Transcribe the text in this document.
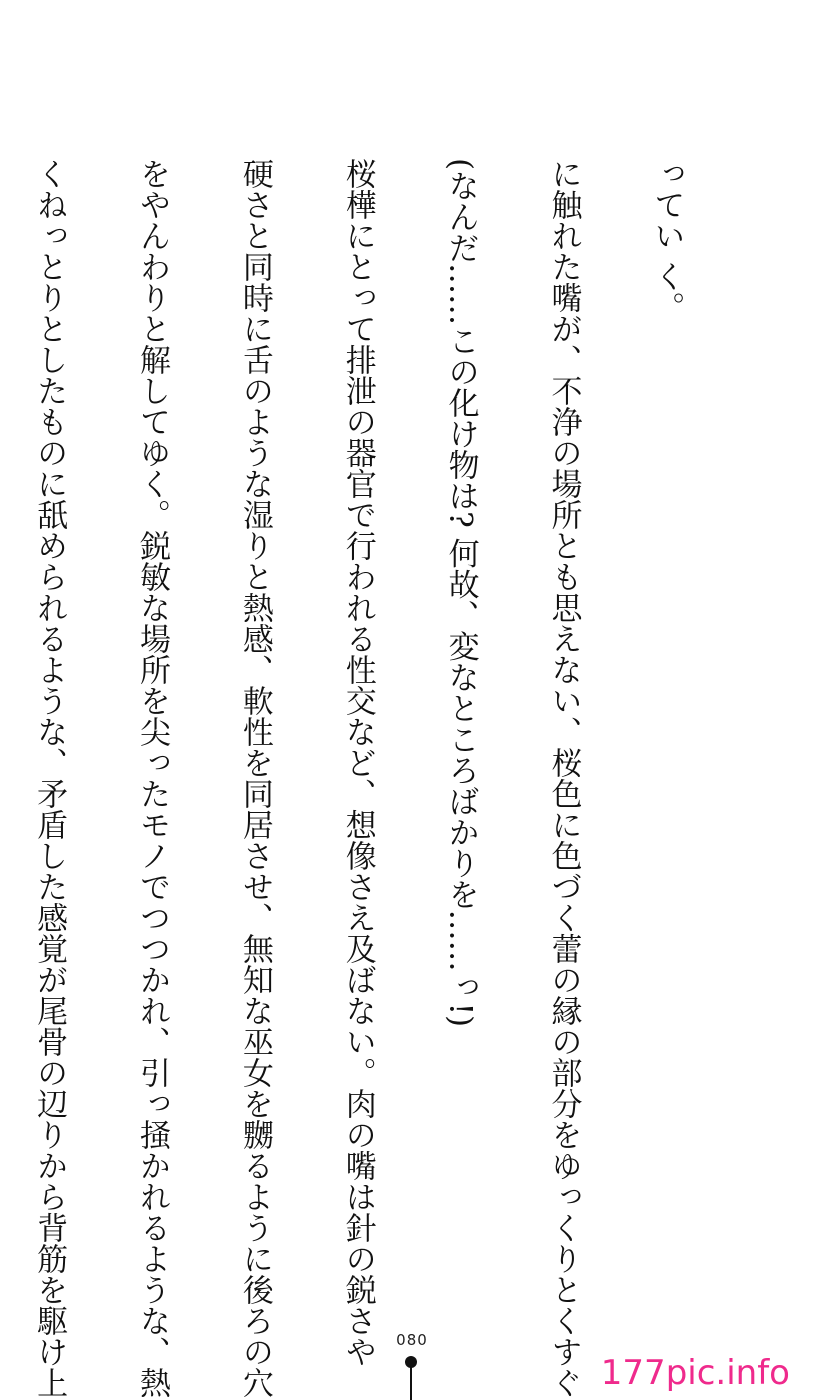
ってい く。

に触れた嘴が、不浄の場所とも思えない、桜色に色づく蕾の縁の部分をゆっくりとくすぐ

(なんだ……この化け物は? 何故、変なところばかりを……っ!)

桜樺にとって排泄の器官で行われる性交など、想像さえ及ばない。肉の嘴は針の鋭さや

硬さと同時に舌のような湿りと熱感、軟性を同居させ、無知な巫女を嬲るように後ろの穴

をやんわりと解してゆく。鋭敏な場所を尖ったモノでつつかれ、引っ掻かれるような、熱

くねっとりとしたものに舐められるような、矛盾した感覚が尾骨の辺りから背筋を駆け上

	080
177pic.info
